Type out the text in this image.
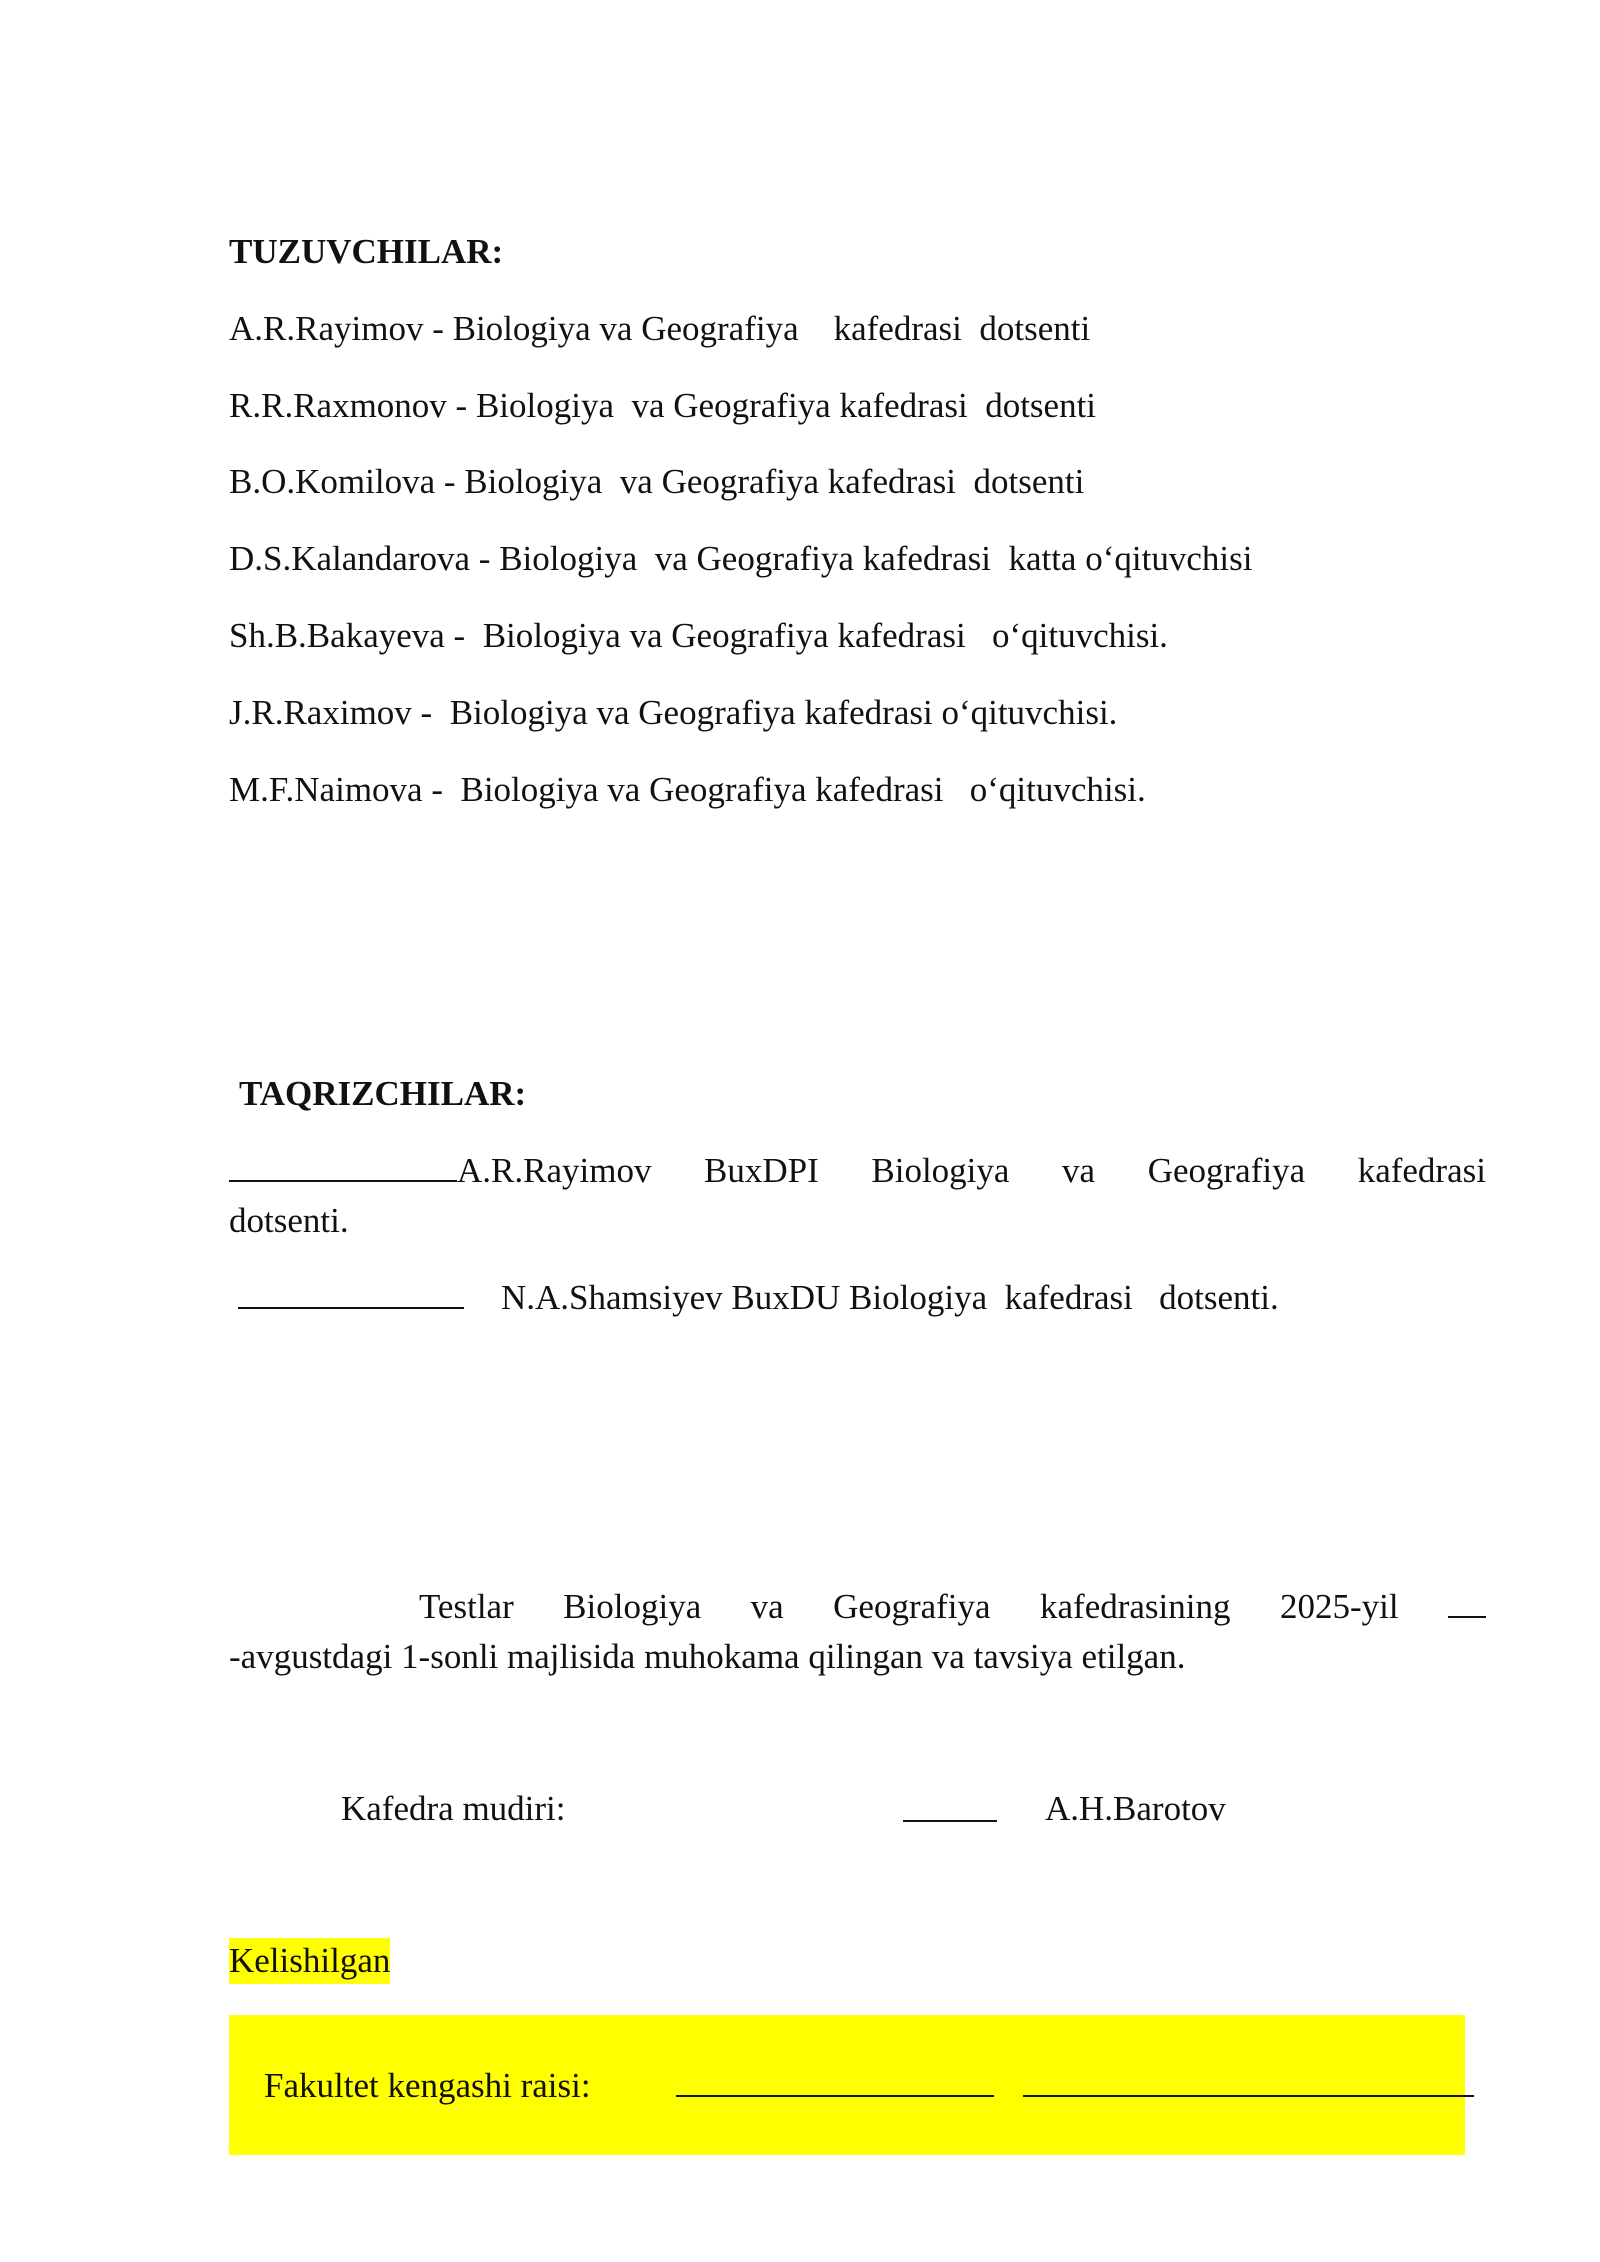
TUZUVCHILAR:
A.R.Rayimov - Biologiya va Geografiya    kafedrasi  dotsenti
R.R.Raxmonov - Biologiya  va Geografiya kafedrasi  dotsenti
B.O.Komilova - Biologiya  va Geografiya kafedrasi  dotsenti
D.S.Kalandarova - Biologiya  va Geografiya kafedrasi  katta o‘qituvchisi
Sh.B.Bakayeva -  Biologiya va Geografiya kafedrasi   o‘qituvchisi.
J.R.Raximov -  Biologiya va Geografiya kafedrasi o‘qituvchisi.
M.F.Naimova -  Biologiya va Geografiya kafedrasi   o‘qituvchisi.
TAQRIZCHILAR:
A.R.Rayimov BuxDPI Biologiya va Geografiya kafedrasi
dotsenti.
N.A.Shamsiyev BuxDU Biologiya  kafedrasi   dotsenti.
Testlar Biologiya va Geografiya kafedrasining 2025-yil
-avgustdagi 1-sonli majlisida muhokama qilingan va tavsiya etilgan.
Kafedra mudiri:	A.H.Barotov
Kelishilgan

Fakultet kengashi raisi:
